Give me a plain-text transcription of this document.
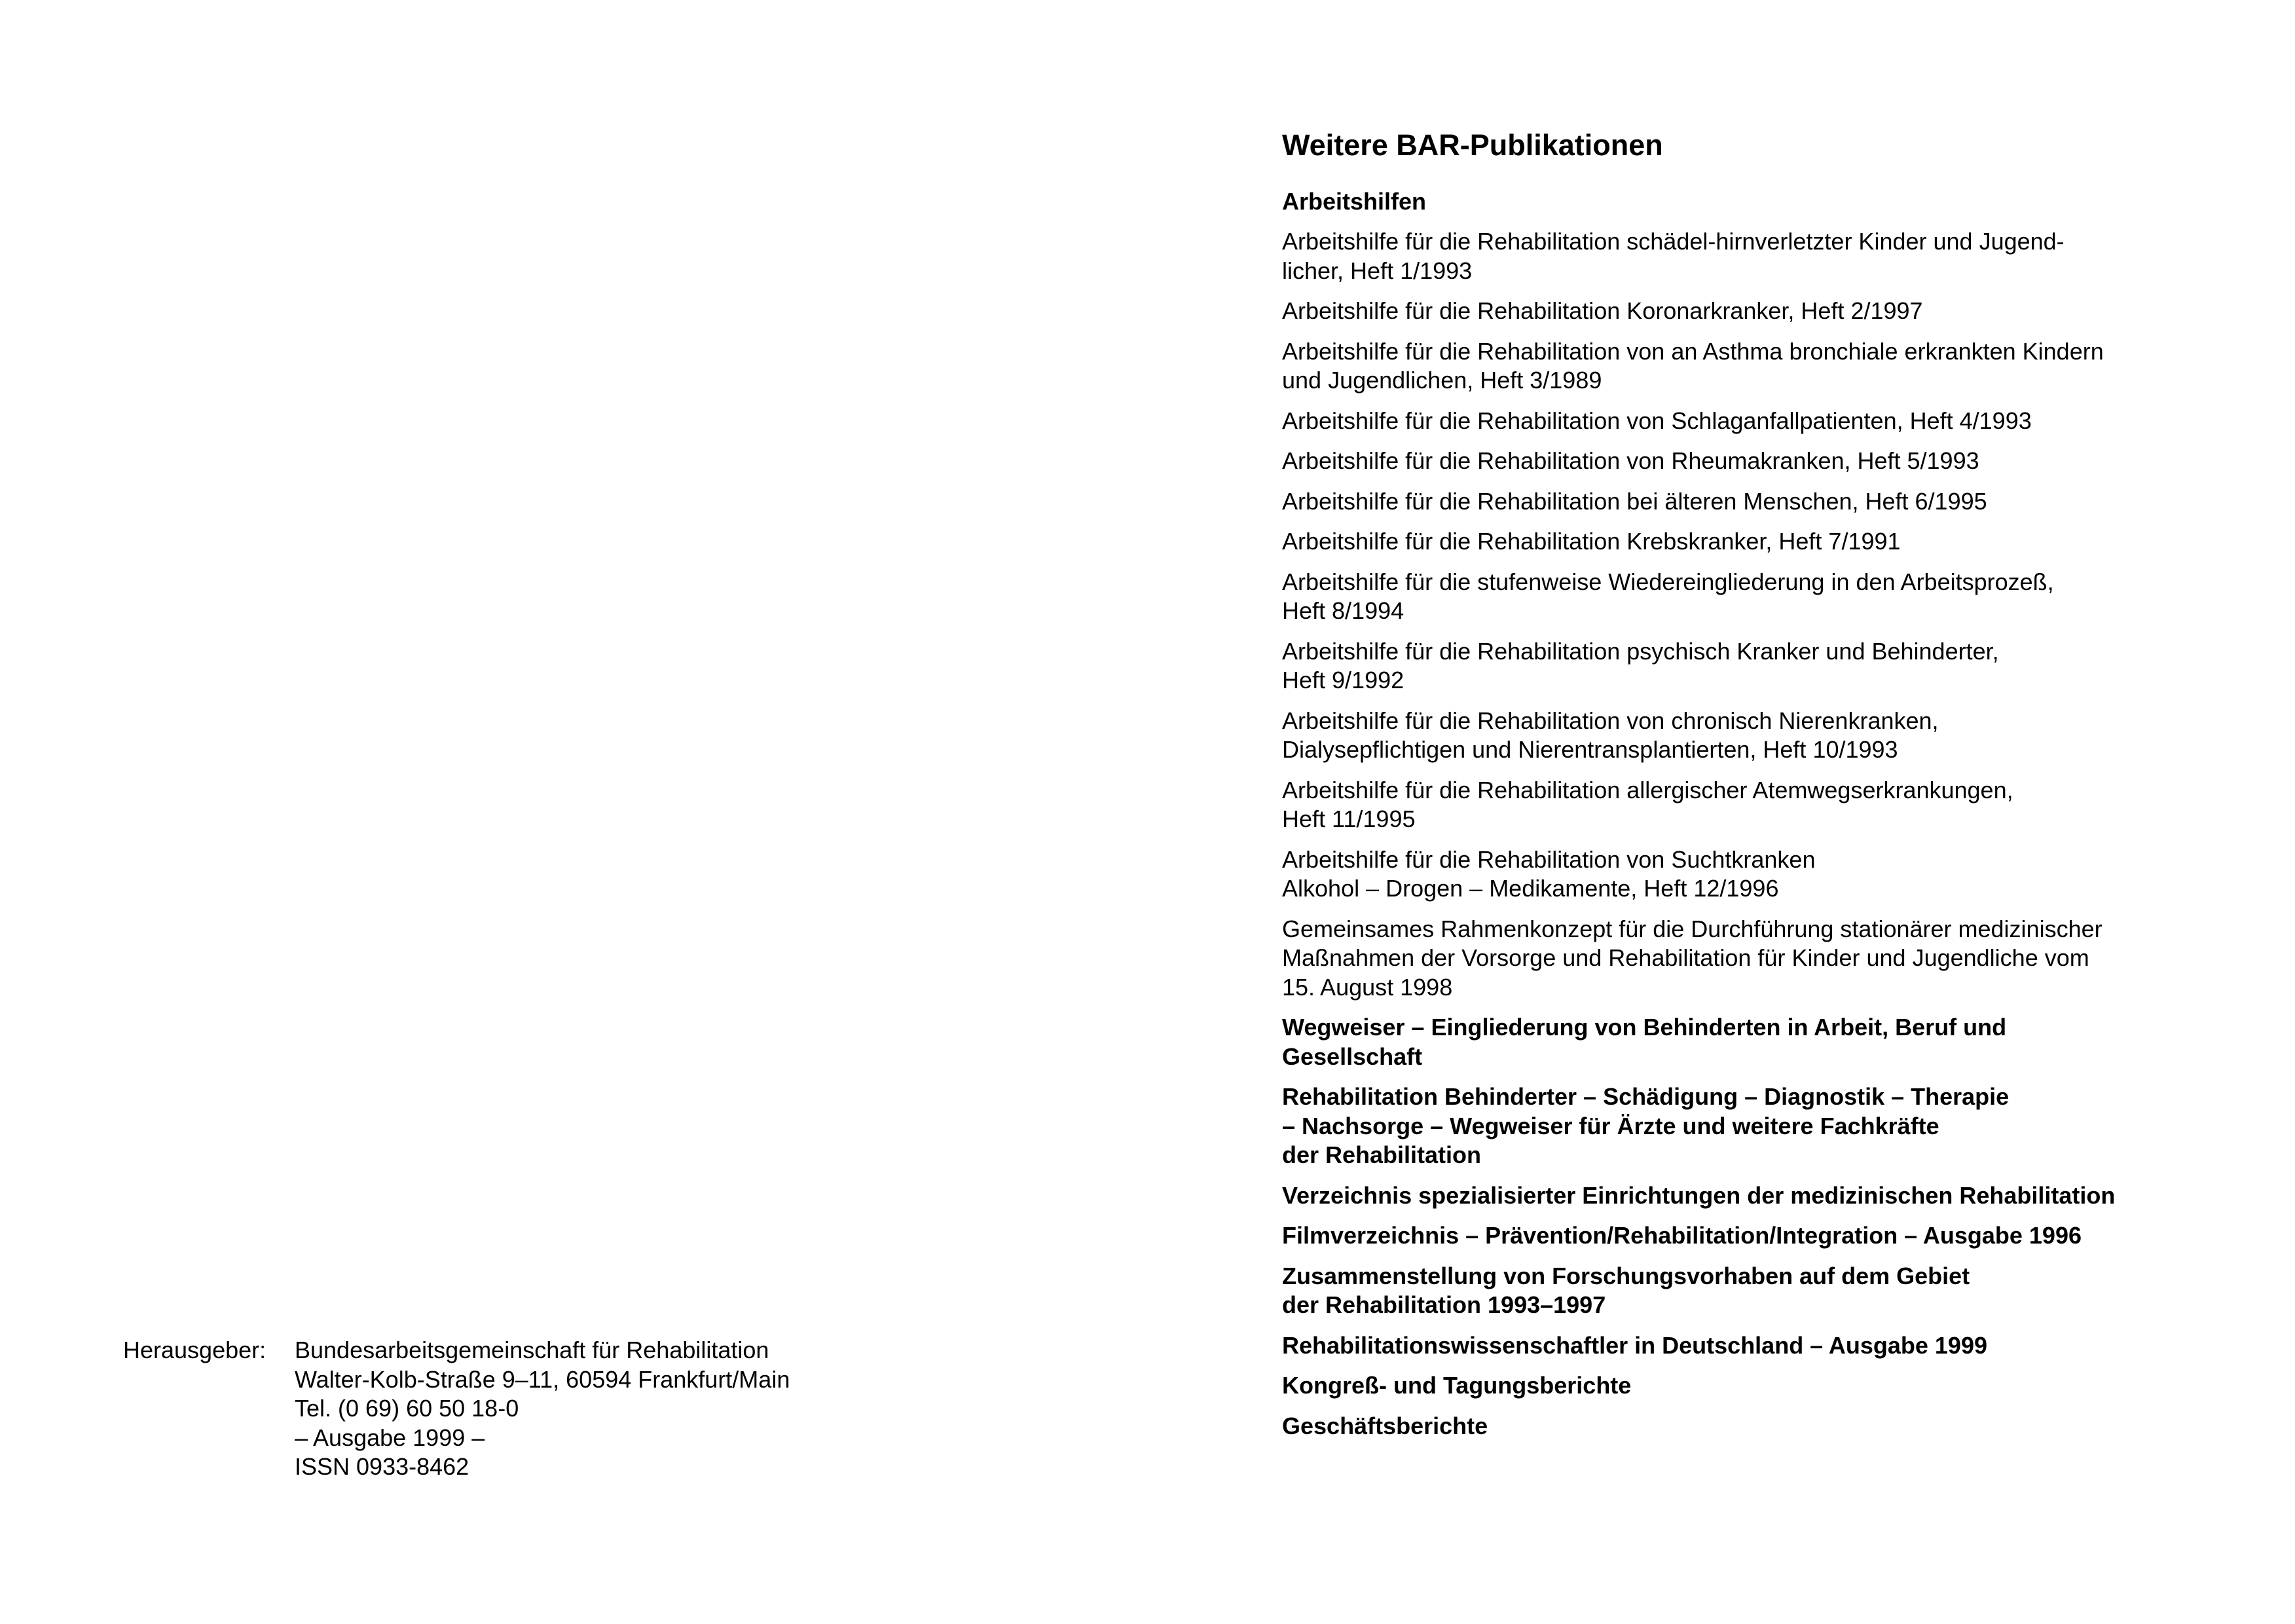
Weitere BAR-Publikationen
Arbeitshilfen
Arbeitshilfe für die Rehabilitation schädel-hirnverletzter Kinder und Jugend-
licher, Heft 1/1993
Arbeitshilfe für die Rehabilitation Koronarkranker, Heft 2/1997
Arbeitshilfe für die Rehabilitation von an Asthma bronchiale erkrankten Kindern
und Jugendlichen, Heft 3/1989
Arbeitshilfe für die Rehabilitation von Schlaganfallpatienten, Heft 4/1993
Arbeitshilfe für die Rehabilitation von Rheumakranken, Heft 5/1993
Arbeitshilfe für die Rehabilitation bei älteren Menschen, Heft 6/1995
Arbeitshilfe für die Rehabilitation Krebskranker, Heft 7/1991
Arbeitshilfe für die stufenweise Wiedereingliederung in den Arbeitsprozeß,
Heft 8/1994
Arbeitshilfe für die Rehabilitation psychisch Kranker und Behinderter,
Heft 9/1992
Arbeitshilfe für die Rehabilitation von chronisch Nierenkranken,
Dialysepflichtigen und Nierentransplantierten, Heft 10/1993
Arbeitshilfe für die Rehabilitation allergischer Atemwegserkrankungen,
Heft 11/1995
Arbeitshilfe für die Rehabilitation von Suchtkranken
Alkohol – Drogen – Medikamente, Heft 12/1996
Gemeinsames Rahmenkonzept für die Durchführung stationärer medizinischer
Maßnahmen der Vorsorge und Rehabilitation für Kinder und Jugendliche vom
15. August 1998
Wegweiser – Eingliederung von Behinderten in Arbeit, Beruf und
Gesellschaft
Rehabilitation Behinderter – Schädigung – Diagnostik – Therapie
– Nachsorge – Wegweiser für Ärzte und weitere Fachkräfte
der Rehabilitation
Verzeichnis spezialisierter Einrichtungen der medizinischen Rehabilitation
Filmverzeichnis – Prävention/Rehabilitation/Integration – Ausgabe 1996
Zusammenstellung von Forschungsvorhaben auf dem Gebiet
der Rehabilitation 1993–1997
Rehabilitationswissenschaftler in Deutschland – Ausgabe 1999
Kongreß- und Tagungsberichte
Geschäftsberichte
Herausgeber: Bundesarbeitsgemeinschaft für Rehabilitation
Walter-Kolb-Straße 9–11, 60594 Frankfurt/Main
Tel. (0 69) 60 50 18-0
– Ausgabe 1999 –
ISSN 0933-8462
